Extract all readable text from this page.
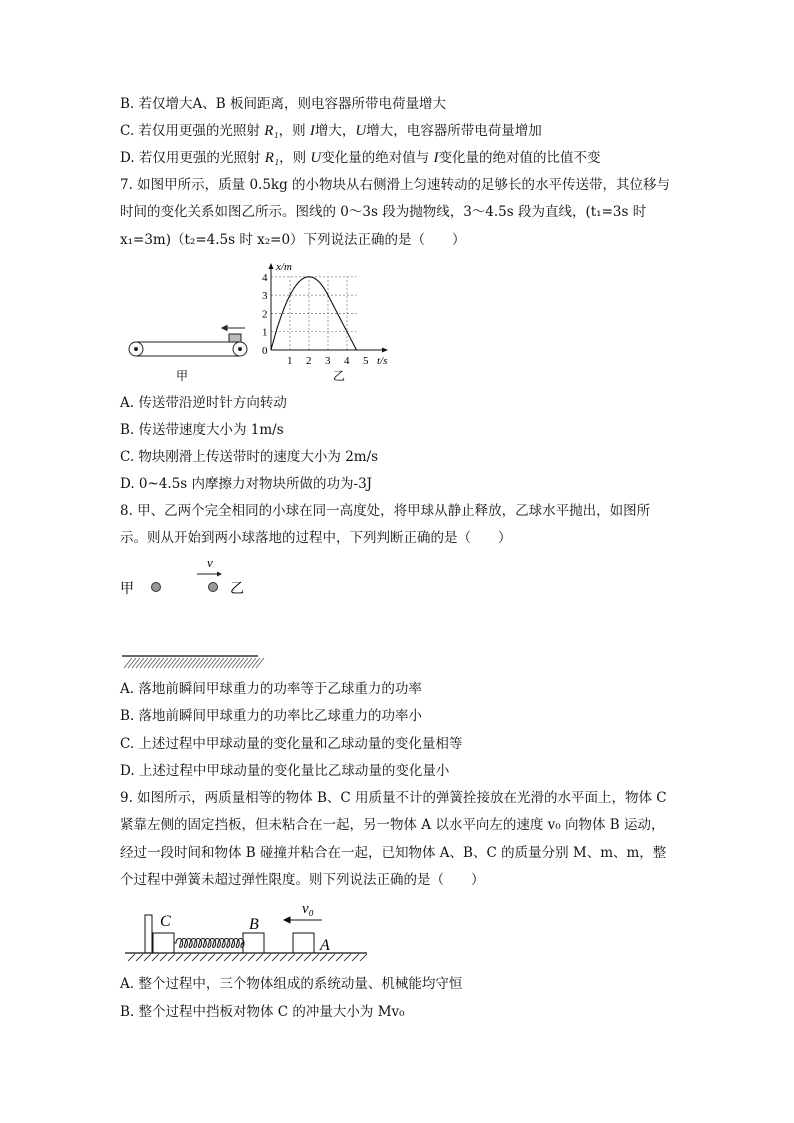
B. 若仅增大A、B 板间距离，则电容器所带电荷量增大
C. 若仅用更强的光照射 R₁，则 I增大，U增大，电容器所带电荷量增加
D. 若仅用更强的光照射 R₁，则 U变化量的绝对值与 I变化量的绝对值的比值不变
7. 如图甲所示，质量 0.5kg 的小物块从右侧滑上匀速转动的足够长的水平传送带，其位移与
时间的变化关系如图乙所示。图线的 0～3s 段为抛物线，3～4.5s 段为直线，(t₁=3s 时
x₁=3m)（t₂=4.5s 时 x₂=0）下列说法正确的是（　　）
甲
0
1
2
3
4
1 2 3 4 5
x/m
t/s
乙
甲	乙
v
C	B
A
v₀
A. 传送带沿逆时针方向转动
B. 传送带速度大小为 1m/s
C. 物块刚滑上传送带时的速度大小为 2m/s
D. 0~4.5s 内摩擦力对物块所做的功为-3J
8. 甲、乙两个完全相同的小球在同一高度处，将甲球从静止释放，乙球水平抛出，如图所
示。则从开始到两小球落地的过程中，下列判断正确的是（　　）
A. 落地前瞬间甲球重力的功率等于乙球重力的功率
B. 落地前瞬间甲球重力的功率比乙球重力的功率小
C. 上述过程中甲球动量的变化量和乙球动量的变化量相等
D. 上述过程中甲球动量的变化量比乙球动量的变化量小
9. 如图所示，两质量相等的物体 B、C 用质量不计的弹簧拴接放在光滑的水平面上，物体 C
紧靠左侧的固定挡板，但未粘合在一起，另一物体 A 以水平向左的速度 v₀ 向物体 B 运动，
经过一段时间和物体 B 碰撞并粘合在一起，已知物体 A、B、C 的质量分别 M、m、m，整
个过程中弹簧未超过弹性限度。则下列说法正确的是（　　）
A. 整个过程中，三个物体组成的系统动量、机械能均守恒
B. 整个过程中挡板对物体 C 的冲量大小为 Mv₀
